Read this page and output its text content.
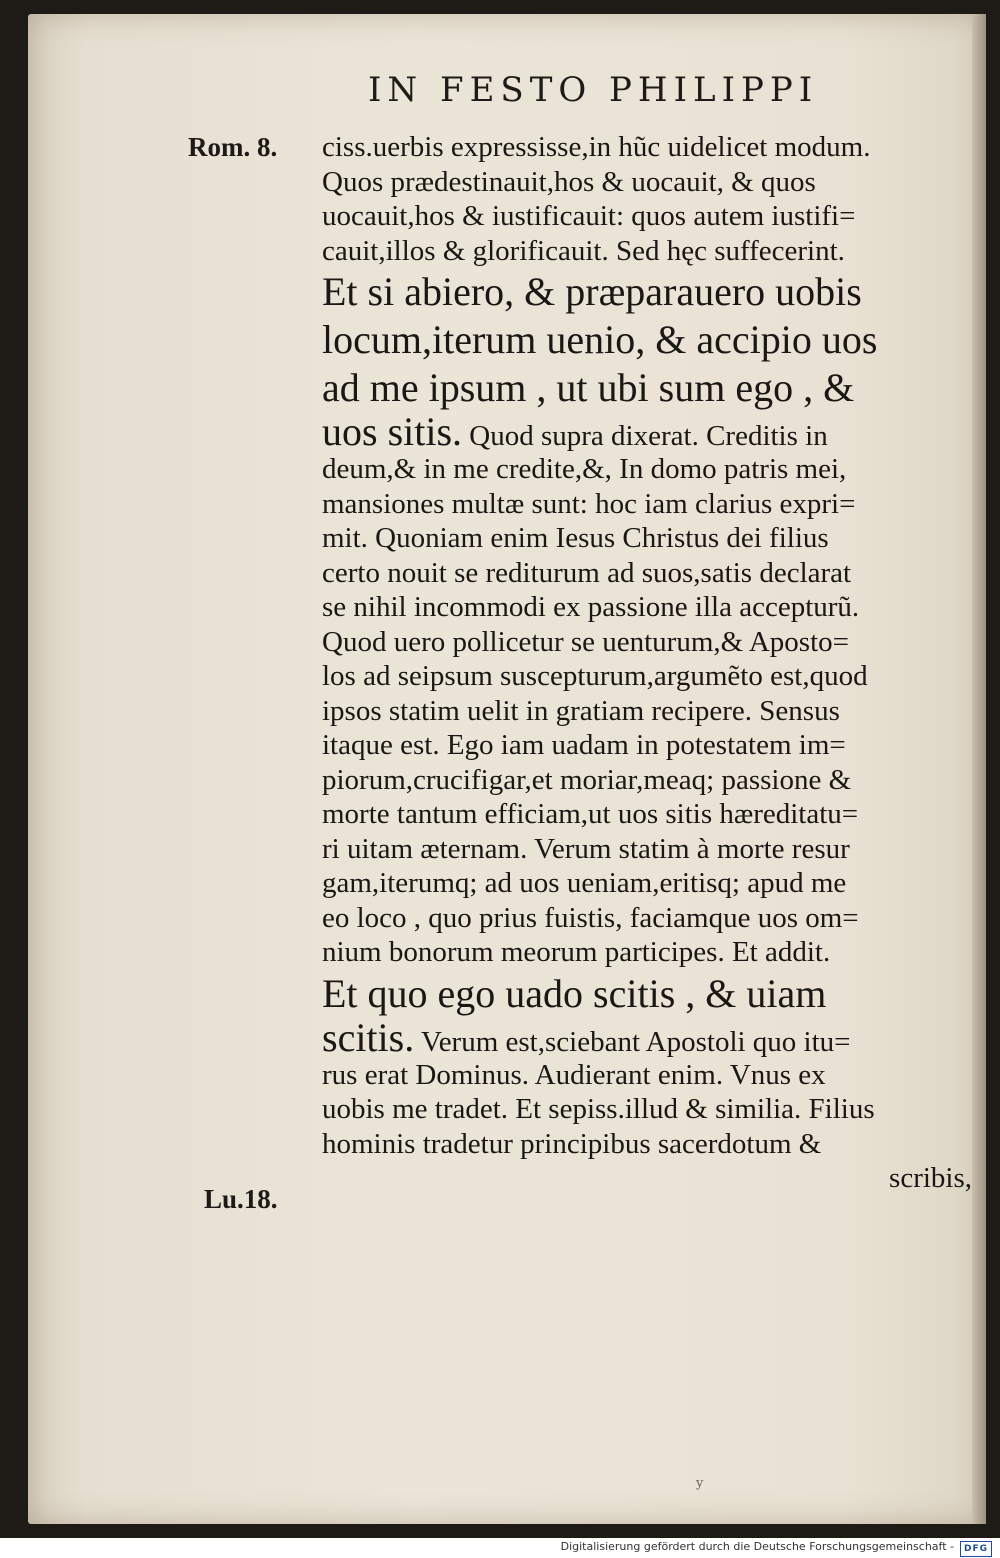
IN FESTO PHILIPPI
Rom. 8.
Lu.18.
ciss.uerbis expressisse,in hũc uidelicet modum.
Quos prædestinauit,hos & uocauit, & quos
uocauit,hos & iustificauit: quos autem iustifi=
cauit,illos & glorificauit. Sed hęc suffecerint.
Et si abiero, & præparauero uobis
locum,iterum uenio, & accipio uos
ad me ipsum , ut ubi sum ego , &
uos sitis. Quod supra dixerat. Creditis in
deum,& in me credite,&, In domo patris mei,
mansiones multæ sunt: hoc iam clarius expri=
mit. Quoniam enim Iesus Christus dei filius
certo nouit se rediturum ad suos,satis declarat
se nihil incommodi ex passione illa accepturũ.
Quod uero pollicetur se uenturum,& Aposto=
los ad seipsum suscepturum,argumẽto est,quod
ipsos statim uelit in gratiam recipere. Sensus
itaque est. Ego iam uadam in potestatem im=
piorum,crucifigar,et moriar,meaq; passione &
morte tantum efficiam,ut uos sitis hæreditatu=
ri uitam æternam. Verum statim à morte resur
gam,iterumq; ad uos ueniam,eritisq; apud me
eo loco , quo prius fuistis, faciamque uos om=
nium bonorum meorum participes. Et addit.
Et quo ego uado scitis , & uiam
scitis. Verum est,sciebant Apostoli quo itu=
rus erat Dominus. Audierant enim. Vnus ex
uobis me tradet. Et sepiss.illud & similia. Filius
hominis tradetur principibus sacerdotum &
scribis,
y
Digitalisierung gefördert durch die Deutsche Forschungsgemeinschaft -	DFG
